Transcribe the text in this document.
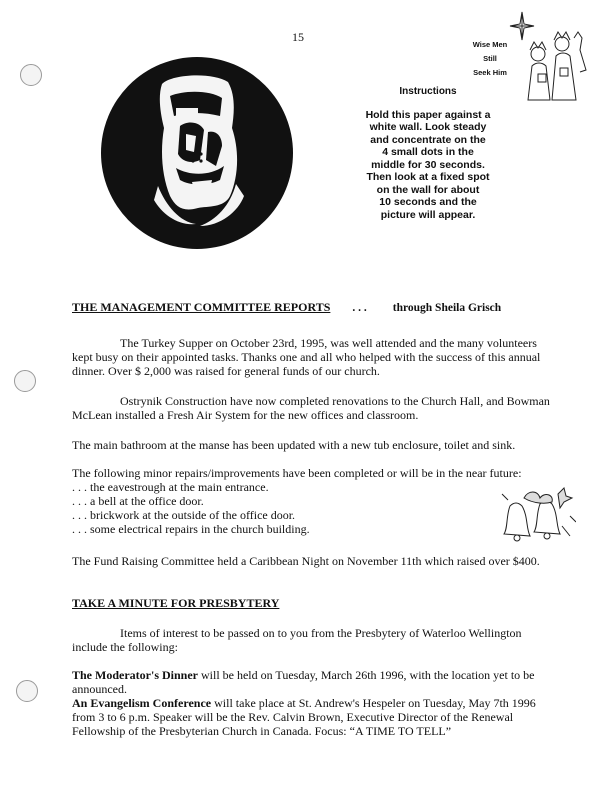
15
Wise Men
Still
Seek Him
Instructions
Hold this paper against a
white wall. Look steady
and concentrate on the
4 small dots in the
middle for 30 seconds.
Then look at a fixed spot
on the wall for about
10 seconds and the
picture will appear.
THE MANAGEMENT COMMITTEE REPORTS . . . through Sheila Grisch
The Turkey Supper on October 23rd, 1995, was well attended and the many volunteers
kept busy on their appointed tasks. Thanks one and all who helped with the success of this annual
dinner. Over $ 2,000 was raised for general funds of our church.
Ostrynik Construction have now completed renovations to the Church Hall, and Bowman
McLean installed a Fresh Air System for the new offices and classroom.
The main bathroom at the manse has been updated with a new tub enclosure, toilet and sink.
The following minor repairs/improvements have been completed or will be in the near future:
. . . the eavestrough at the main entrance.
. . . a bell at the office door.
. . . brickwork at the outside of the office door.
. . . some electrical repairs in the church building.
The Fund Raising Committee held a Caribbean Night on November 11th which raised over $400.
TAKE A MINUTE FOR PRESBYTERY
Items of interest to be passed on to you from the Presbytery of Waterloo Wellington
include the following:
The Moderator's Dinner will be held on Tuesday, March 26th 1996, with the location yet to be
announced.
An Evangelism Conference will take place at St. Andrew's Hespeler on Tuesday, May 7th 1996
from 3 to 6 p.m. Speaker will be the Rev. Calvin Brown, Executive Director of the Renewal
Fellowship of the Presbyterian Church in Canada. Focus: “A TIME TO TELL”
